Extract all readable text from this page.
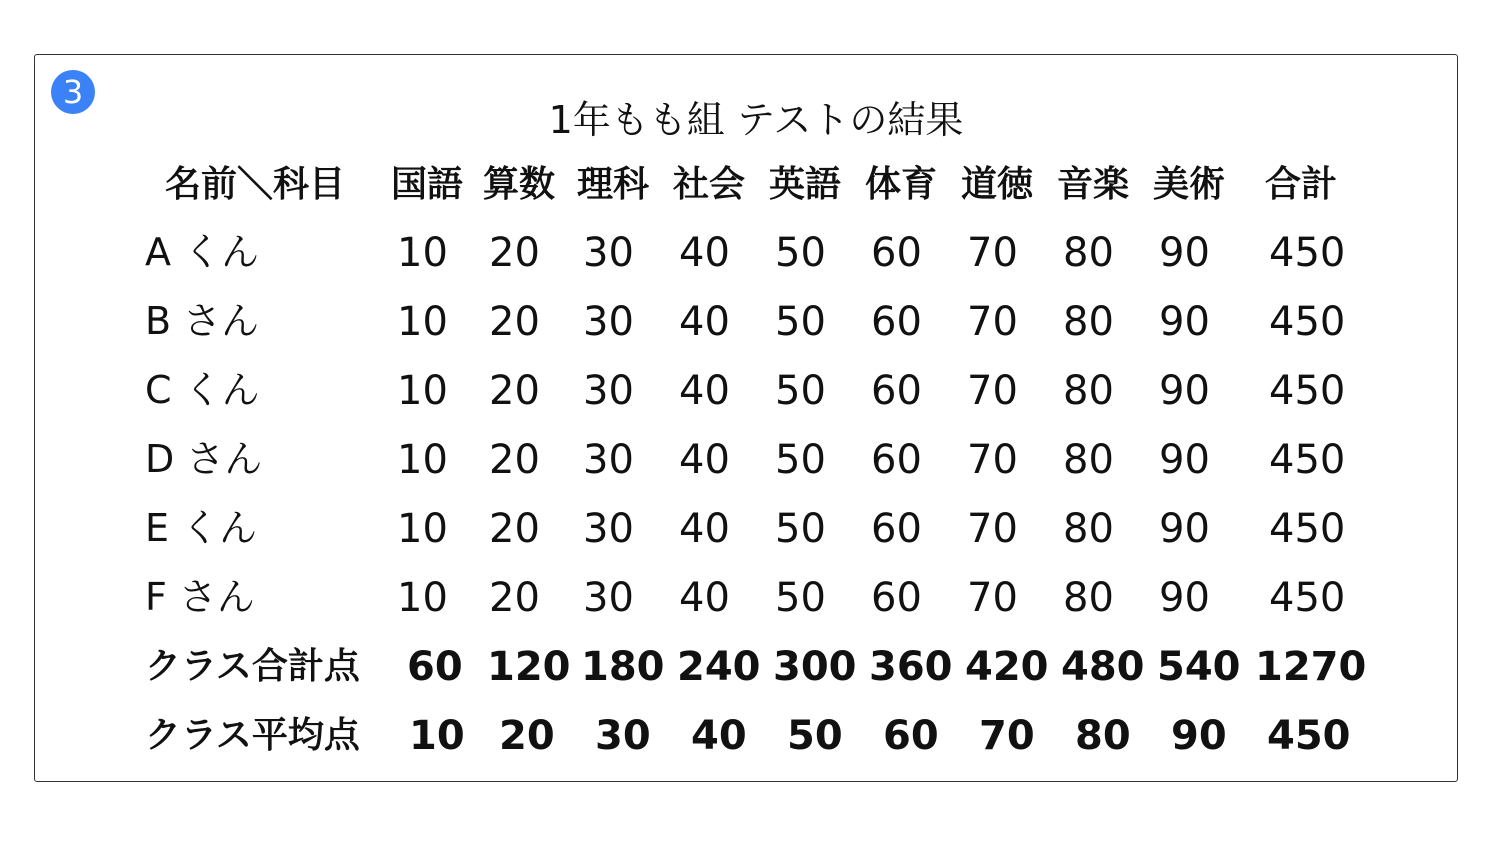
3
1年もも組 テストの結果
名前＼科目 国語 算数 理科 社会 英語 体育 道徳 音楽 美術 合計
A くん	10 20 30 40 50 60 70 80 90 450
B さん	10 20 30 40 50 60 70 80 90 450
C くん	10 20 30 40 50 60 70 80 90 450
D さん	10 20 30 40 50 60 70 80 90 450
E くん	10 20 30 40 50 60 70 80 90 450
F さん	10 20 30 40 50 60 70 80 90 450
クラス合計点 60 120 180 240 300 360 420 480 540 1270
クラス平均点 10 20 30 40 50 60 70 80 90 450
